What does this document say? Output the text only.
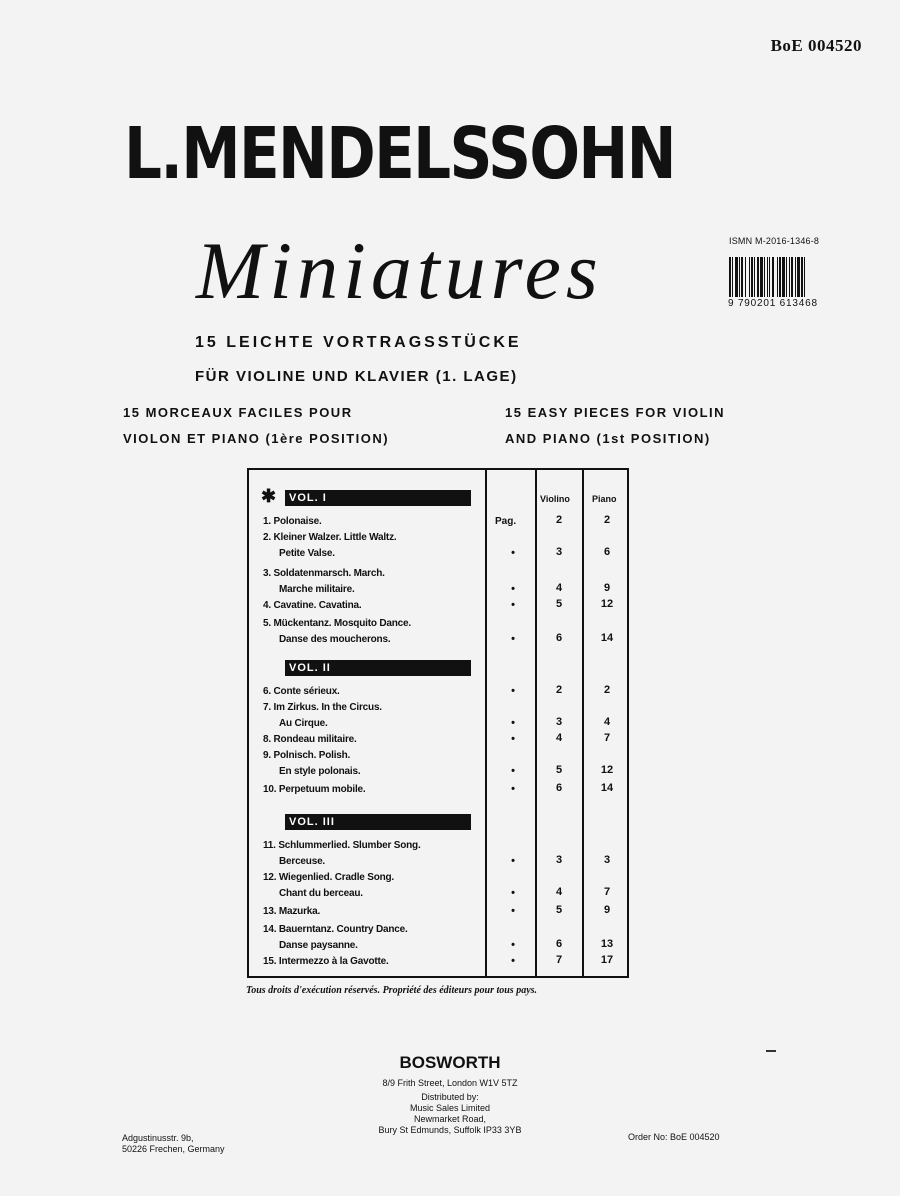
BoE 004520
L.MENDELSSOHN
Miniatures	ISMN M-2016-1346-8
9 790201 613468
15 LEICHTE VORTRAGSSTÜCKE
FÜR VIOLINE UND KLAVIER (1. LAGE)
15 MORCEAUX FACILES POUR
VIOLON ET PIANO (1ère POSITION)
15 EASY PIECES FOR VIOLIN
AND PIANO (1st POSITION)
Violino Piano
Pag.
✱	VOL. I
VOL. II
VOL. III
1. Polonaise.	2	2
2. Kleiner Walzer. Little Waltz.
Petite Valse.	•	3	6
3. Soldatenmarsch. March.
Marche militaire.	•	4	9
4. Cavatine. Cavatina.	•	5	12
5. Mückentanz. Mosquito Dance.
Danse des moucherons.	•	6	14
6. Conte sérieux.	•	2	2
7. Im Zirkus. In the Circus.
Au Cirque.	•	3	4
8. Rondeau militaire.	•	4	7
9. Polnisch. Polish.
En style polonais.	•	5	12
10. Perpetuum mobile.	•	6	14
11. Schlummerlied. Slumber Song.
Berceuse.	•	3	3
12. Wiegenlied. Cradle Song.
Chant du berceau.	•	4	7
13. Mazurka.	•	5	9
14. Bauerntanz. Country Dance.
Danse paysanne.	•	6	13
15. Intermezzo à la Gavotte.	•	7	17
Tous droits d'exécution réservés. Propriété des éditeurs pour tous pays.
BOSWORTH
8/9 Frith Street, London W1V 5TZ
Distributed by:
Music Sales Limited
Newmarket Road,
Bury St Edmunds, Suffolk IP33 3YB
Adgustinusstr. 9b,
50226 Frechen, Germany
Order No: BoE 004520
